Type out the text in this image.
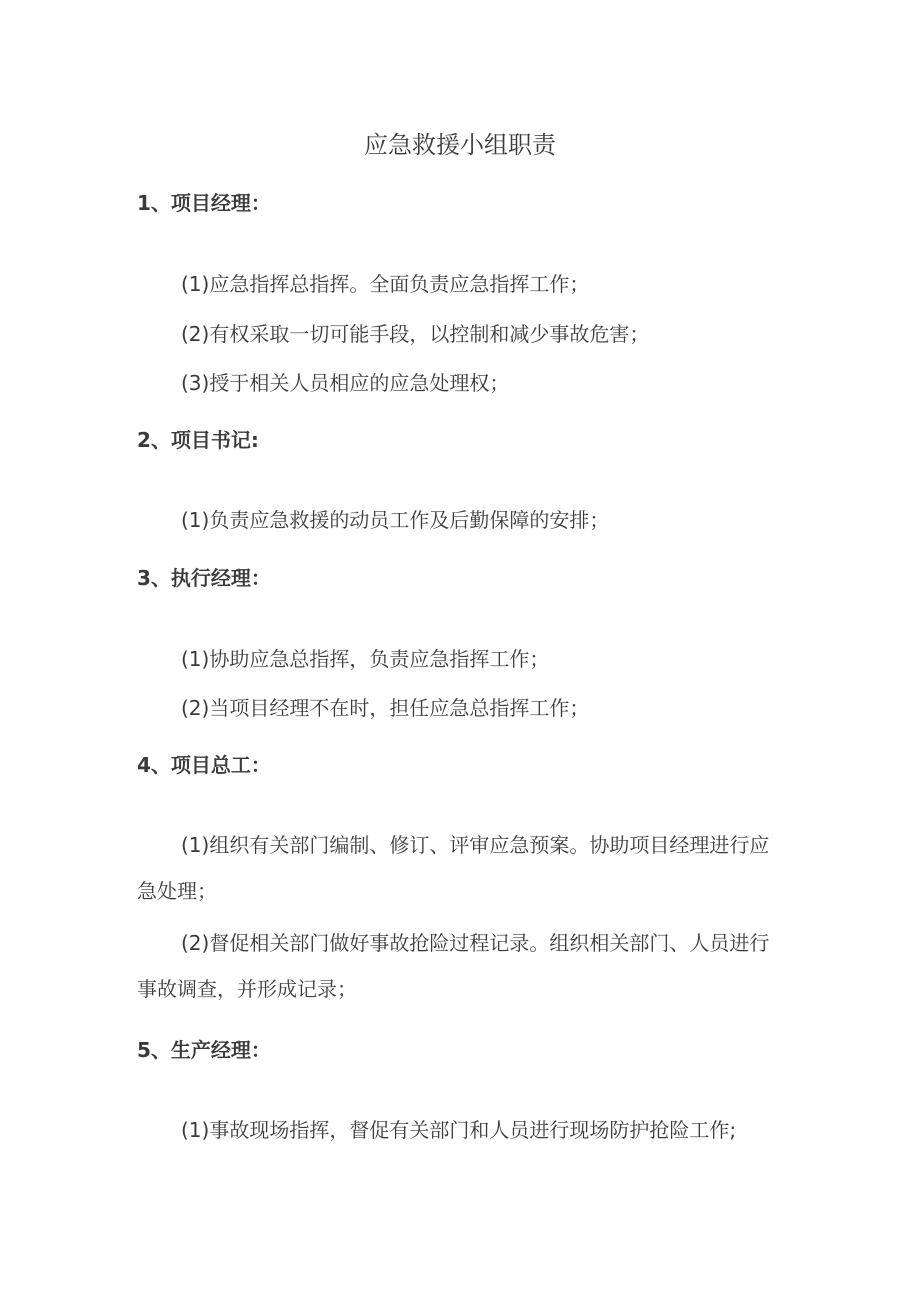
应急救援小组职责
1、项目经理：
(1)应急指挥总指挥。全面负责应急指挥工作；
(2)有权采取一切可能手段，以控制和减少事故危害；
(3)授于相关人员相应的应急处理权；
2、项目书记:
(1)负责应急救援的动员工作及后勤保障的安排；
3、执行经理：
(1)协助应急总指挥，负责应急指挥工作；
(2)当项目经理不在时，担任应急总指挥工作；
4、项目总工：
(1)组织有关部门编制、修订、评审应急预案。协助项目经理进行应急处理；
(2)督促相关部门做好事故抢险过程记录。组织相关部门、人员进行事故调查，并形成记录；
5、生产经理：
(1)事故现场指挥，督促有关部门和人员进行现场防护抢险工作;
